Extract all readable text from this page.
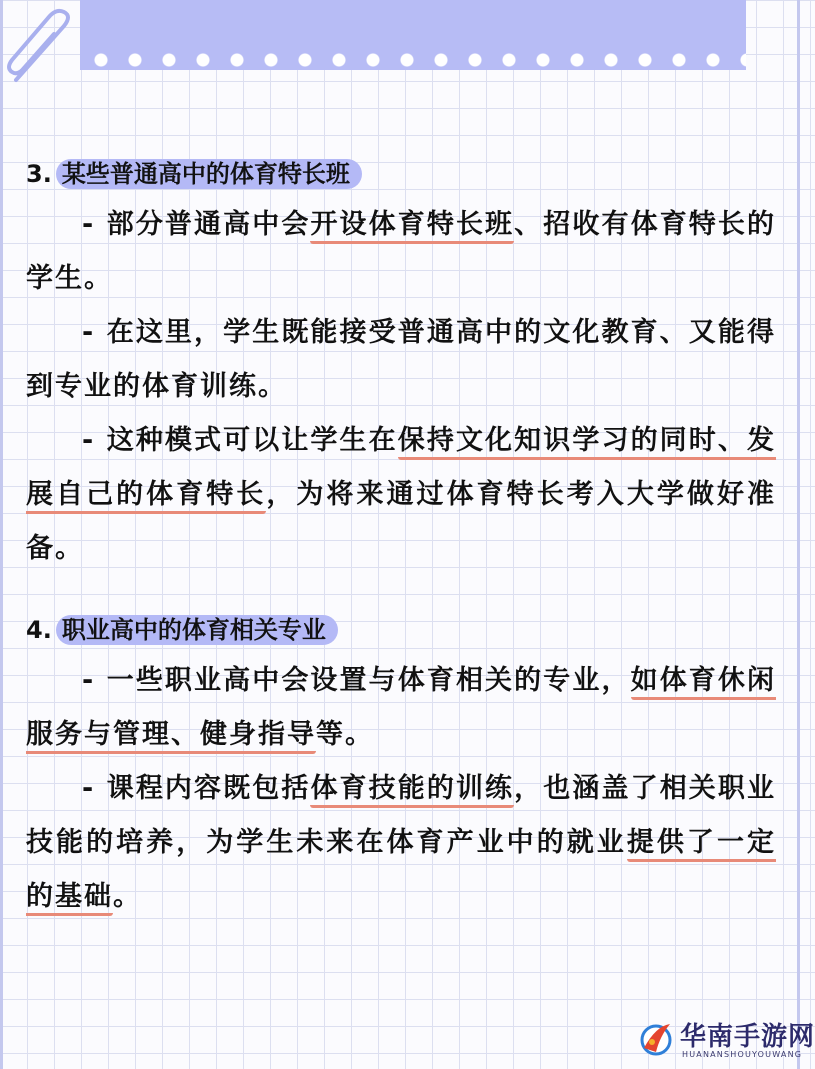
3. 某些普通高中的体育特长班

- 部分普通高中会开设体育特长班、招收有体育特长的学生。

- 在这里，学生既能接受普通高中的文化教育、又能得到专业的体育训练。

- 这种模式可以让学生在保持文化知识学习的同时、发展自己的体育特长，为将来通过体育特长考入大学做好准备。

4. 职业高中的体育相关专业

- 一些职业高中会设置与体育相关的专业，如体育休闲服务与管理、健身指导等。

- 课程内容既包括体育技能的训练，也涵盖了相关职业技能的培养，为学生未来在体育产业中的就业提供了一定的基础。

华南手游网
HUANANSHOUYOUWANG
